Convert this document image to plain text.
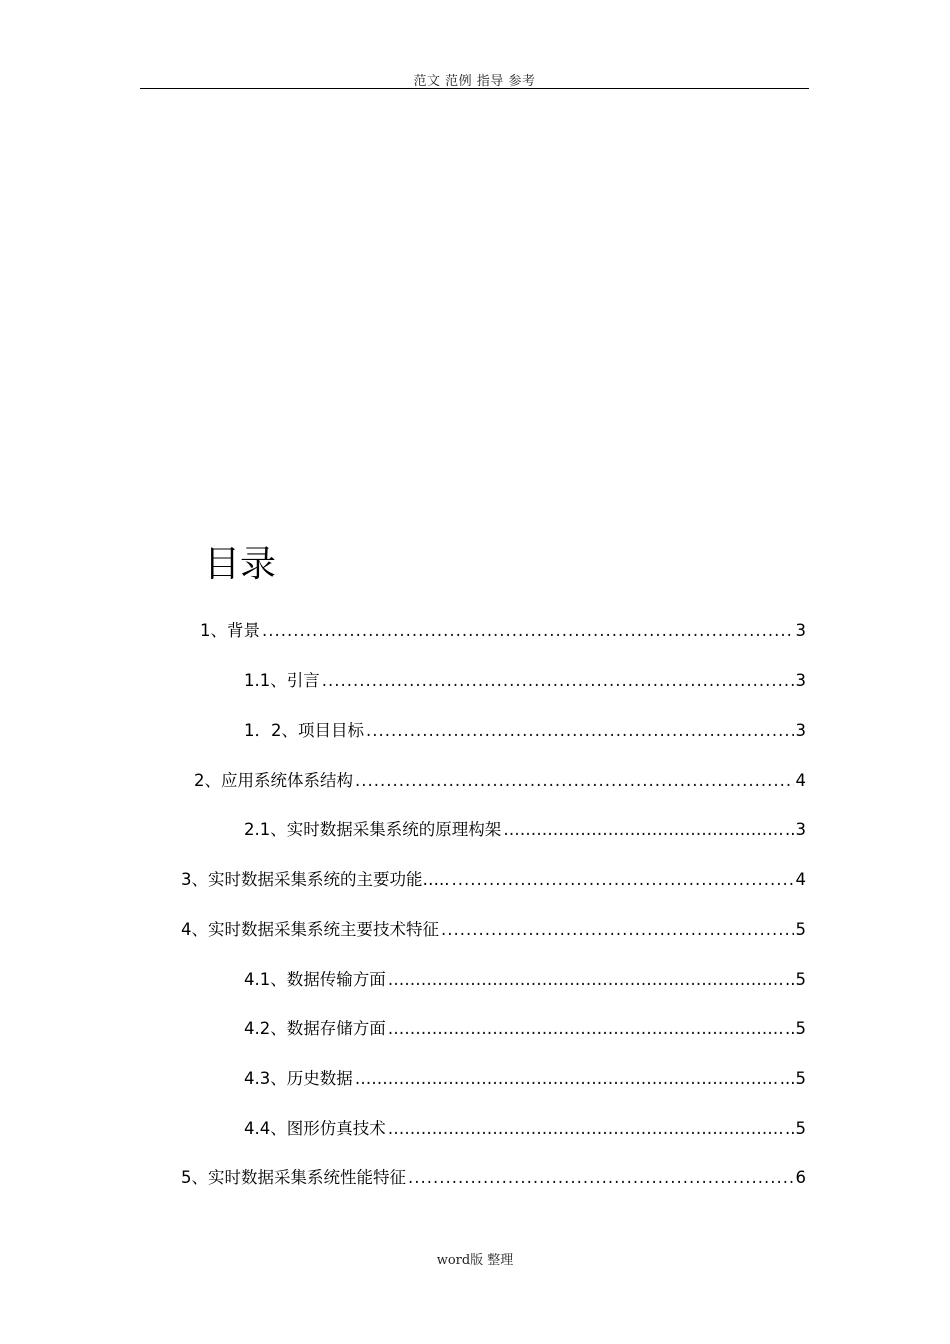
范文 范例 指导 参考
目录
1、背景 .....	3
1.1、引言 .....	3
1．2、项目目标 .....	3
2、应用系统体系结构 .....	4
2.1、实时数据采集系统的原理构架 ………………………………………………………………………………………………………………………………………………	..3
3、实时数据采集系统的主要功能….. .....	4
4、实时数据采集系统主要技术特征 .....	5
4.1、数据传输方面 ………………………………………………………………………………………………………………………………………………	..5
4.2、数据存储方面 ………………………………………………………………………………………………………………………………………………	..5
4.3、历史数据 ………………………………………………………………………………………………………………………………………………	...5
4.4、图形仿真技术 ………………………………………………………………………………………………………………………………………………	..5
5、实时数据采集系统性能特征 .....	6
word版 整理
